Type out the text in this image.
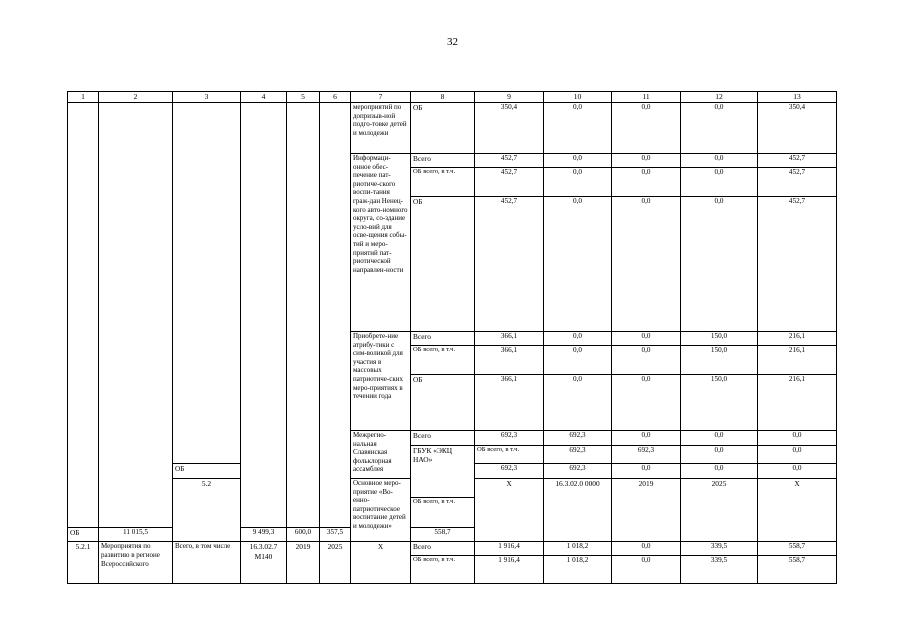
32
1	2	3	4	5	6	7	8	9	10	11	12	13	
						мероприятий по допризыв-ной подго-товке детей и молодежи	ОБ	350,4	0,0	0,0	0,0	350,4	
						Информаци-онное обес-печение пат-риотиче-ского воспи-тания граж-дан Ненец-кого авто-номного округа, со-здание усло-вий для осве-щения собы-тий и меро-приятий пат-риотической направлен-ности	Всего	452,7	0,0	0,0	0,0	452,7	
							ОБ всего, в т.ч.	452,7	0,0	0,0	0,0	452,7	
							ОБ	452,7	0,0	0,0	0,0	452,7	
						Приобрете-ние атрибу-тики с сим-воликой для участия в массовых патриотиче-ских меро-приятиях в течении года	Всего	366,1	0,0	0,0	150,0	216,1	
							ОБ всего, в т.ч.	366,1	0,0	0,0	150,0	216,1	
							ОБ	366,1	0,0	0,0	150,0	216,1	
						Межрегио-нальная Славянская фольклорная ассамблея	Всего	692,3	692,3	0,0	0,0	0,0	
							ГБУК «ЭКЦ НАО»	ОБ всего, в т.ч.	692,3	692,3	0,0	0,0	
		ОБ						692,3	692,3	0,0	0,0	0,0	
		5.2				Основное меро-приятие «Во-енно-патриотическое воспитание детей и молодежи»		Х	16.3.02.0 0000	2019	2025	Х						
							ОБ всего, в т.ч.					
ОБ	11 015,5		9 499,3	600,0	357,5		558,7						
5.2.1	Мероприятия по развитию в регионе Всероссийского	Всего, в том числе	16.3.02.7 М140	2019	2025	Х	Всего	1 916,4	1 018,2	0,0	339,5	558,7	
							ОБ всего, в т.ч.	1 916,4	1 018,2	0,0	339,5	558,7	
